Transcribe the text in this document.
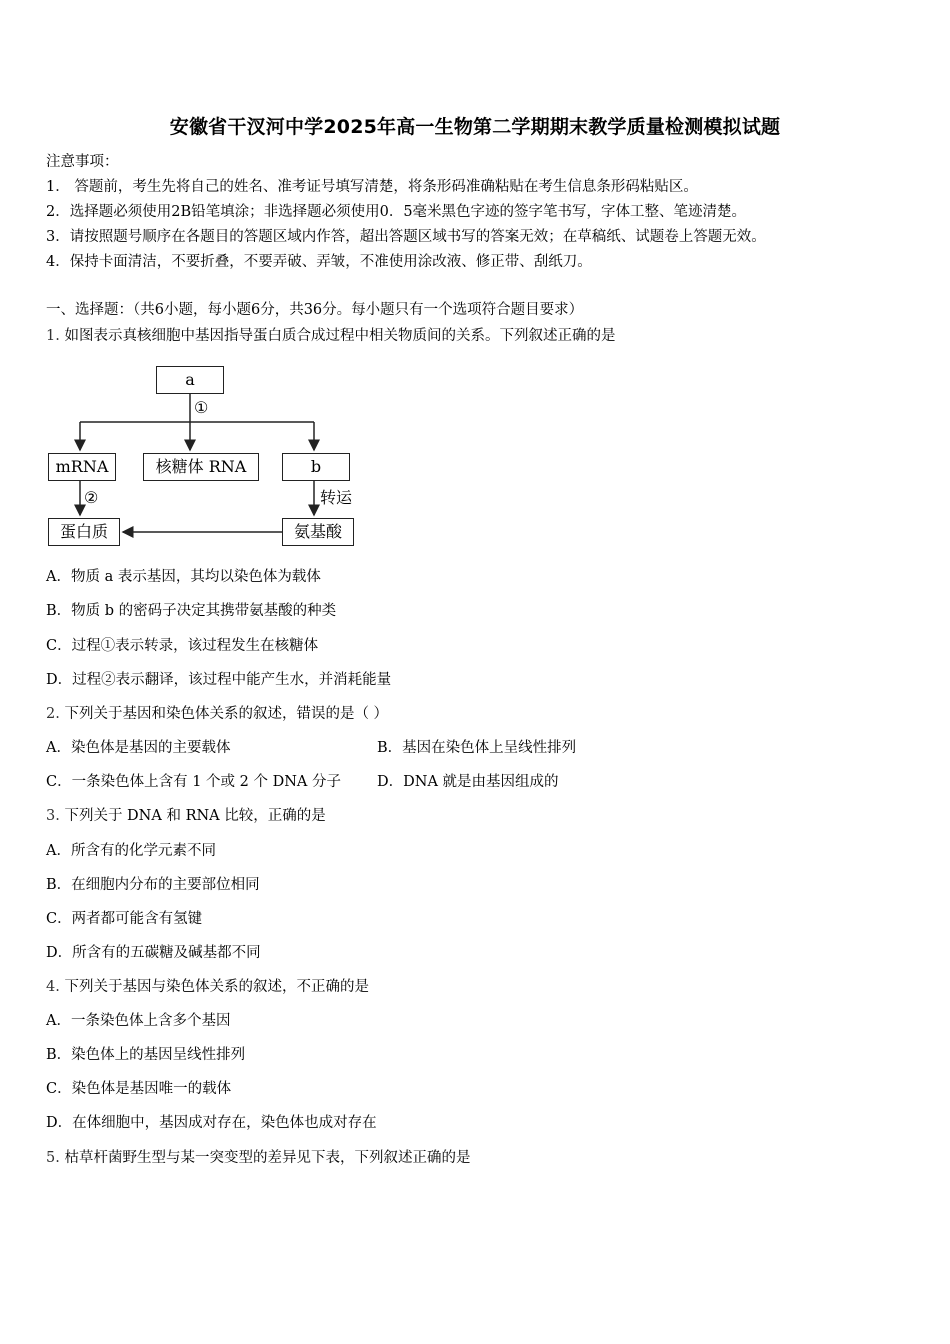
安徽省干汊河中学2025年高一生物第二学期期末教学质量检测模拟试题
注意事项：
1． 答题前，考生先将自己的姓名、准考证号填写清楚，将条形码准确粘贴在考生信息条形码粘贴区。
2．选择题必须使用2B铅笔填涂；非选择题必须使用0．5毫米黑色字迹的签字笔书写，字体工整、笔迹清楚。
3．请按照题号顺序在各题目的答题区域内作答，超出答题区域书写的答案无效；在草稿纸、试题卷上答题无效。
4．保持卡面清洁，不要折叠，不要弄破、弄皱，不准使用涂改液、修正带、刮纸刀。
一、选择题：（共6小题，每小题6分，共36分。每小题只有一个选项符合题目要求）
1. 如图表示真核细胞中基因指导蛋白质合成过程中相关物质间的关系。下列叙述正确的是
a
①
mRNA	核糖体 RNA	b
②	转运
蛋白质	氨基酸
A．物质 a 表示基因，其均以染色体为载体
B．物质 b 的密码子决定其携带氨基酸的种类
C．过程①表示转录，该过程发生在核糖体
D．过程②表示翻译，该过程中能产生水，并消耗能量
2. 下列关于基因和染色体关系的叙述，错误的是（ ）
A．染色体是基因的主要载体	B．基因在染色体上呈线性排列
C．一条染色体上含有 1 个或 2 个 DNA 分子 D．DNA 就是由基因组成的
3. 下列关于 DNA 和 RNA 比较，正确的是
A．所含有的化学元素不同
B．在细胞内分布的主要部位相同
C．两者都可能含有氢键
D．所含有的五碳糖及碱基都不同
4. 下列关于基因与染色体关系的叙述，不正确的是
A．一条染色体上含多个基因
B．染色体上的基因呈线性排列
C．染色体是基因唯一的载体
D．在体细胞中，基因成对存在，染色体也成对存在
5. 枯草杆菌野生型与某一突变型的差异见下表，下列叙述正确的是
